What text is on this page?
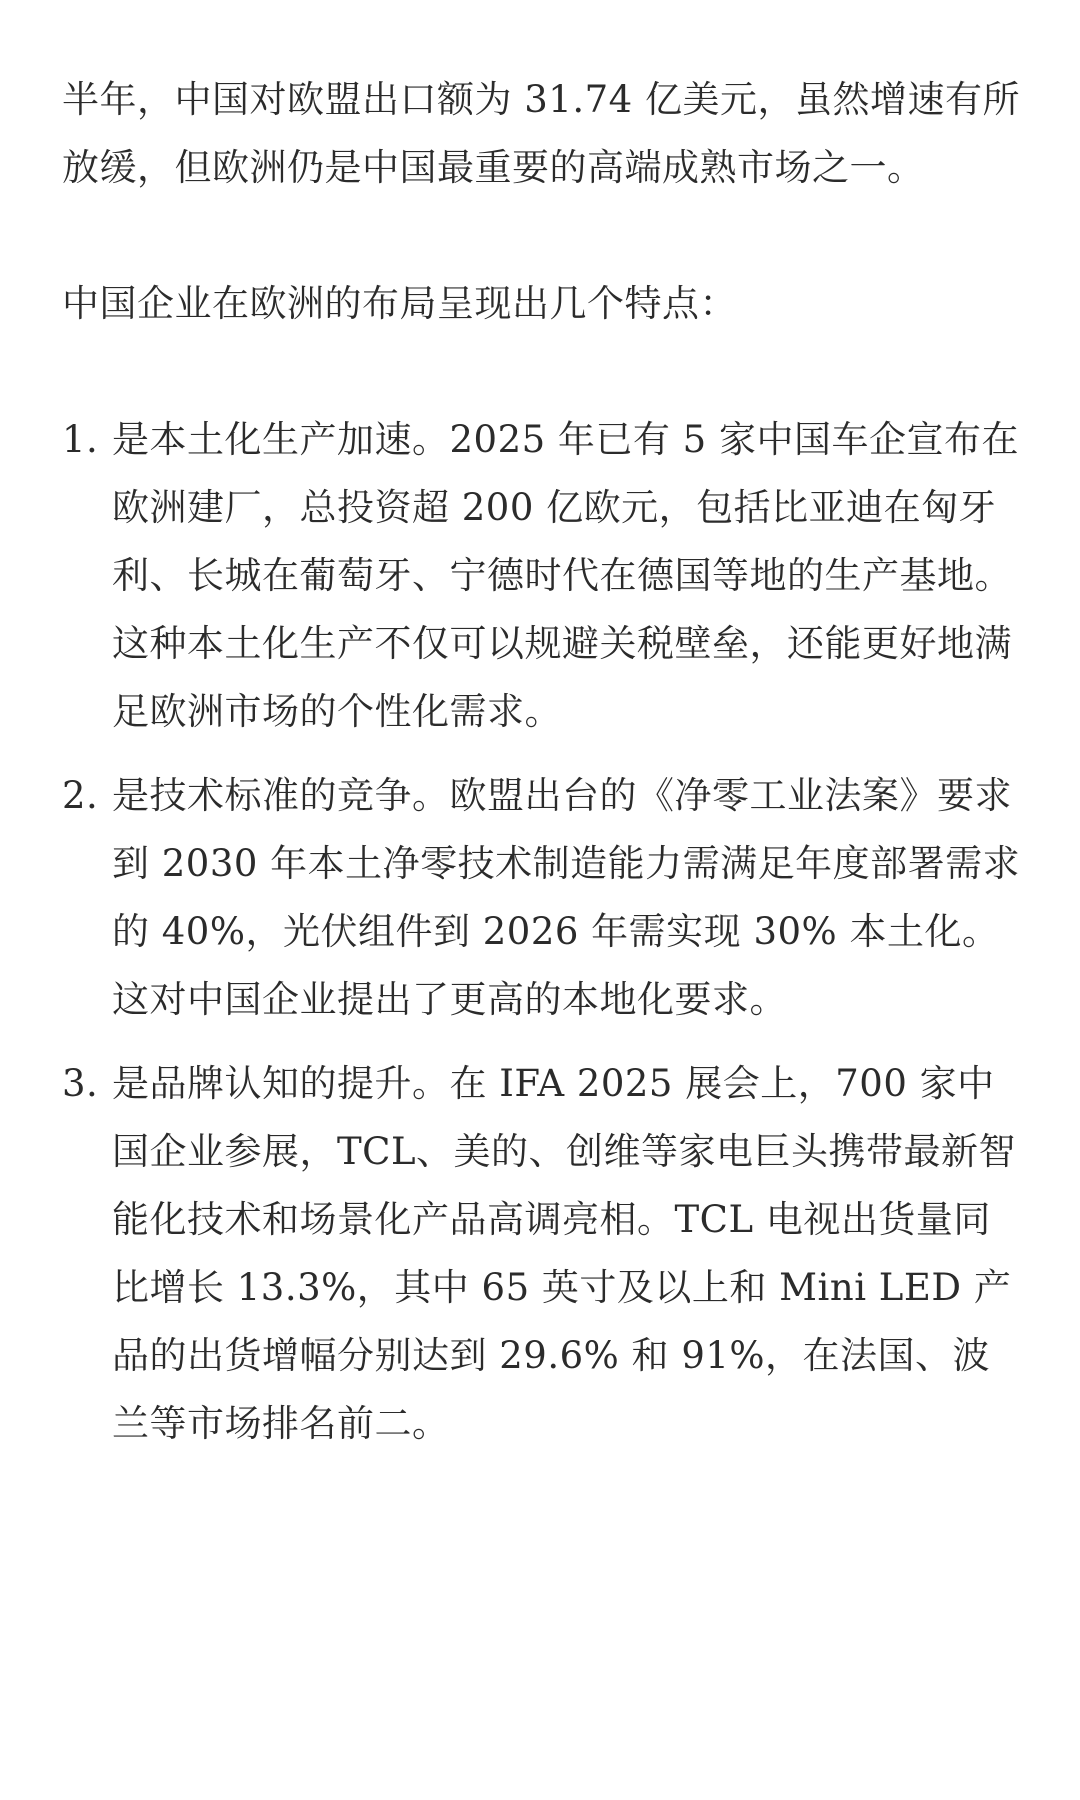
半年，中国对欧盟出口额为 31.74 亿美元，虽然增速有所放缓，但欧洲仍是中国最重要的高端成熟市场之一。

中国企业在欧洲的布局呈现出几个特点：

1. 是本土化生产加速。2025 年已有 5 家中国车企宣布在欧洲建厂，总投资超 200 亿欧元，包括比亚迪在匈牙利、长城在葡萄牙、宁德时代在德国等地的生产基地。这种本土化生产不仅可以规避关税壁垒，还能更好地满足欧洲市场的个性化需求。
2. 是技术标准的竞争。欧盟出台的《净零工业法案》要求到 2030 年本土净零技术制造能力需满足年度部署需求的 40%，光伏组件到 2026 年需实现 30% 本土化。这对中国企业提出了更高的本地化要求。
3. 是品牌认知的提升。在 IFA 2025 展会上，700 家中国企业参展，TCL、美的、创维等家电巨头携带最新智能化技术和场景化产品高调亮相。TCL 电视出货量同比增长 13.3%，其中 65 英寸及以上和 Mini LED 产品的出货增幅分别达到 29.6% 和 91%，在法国、波兰等市场排名前二。
